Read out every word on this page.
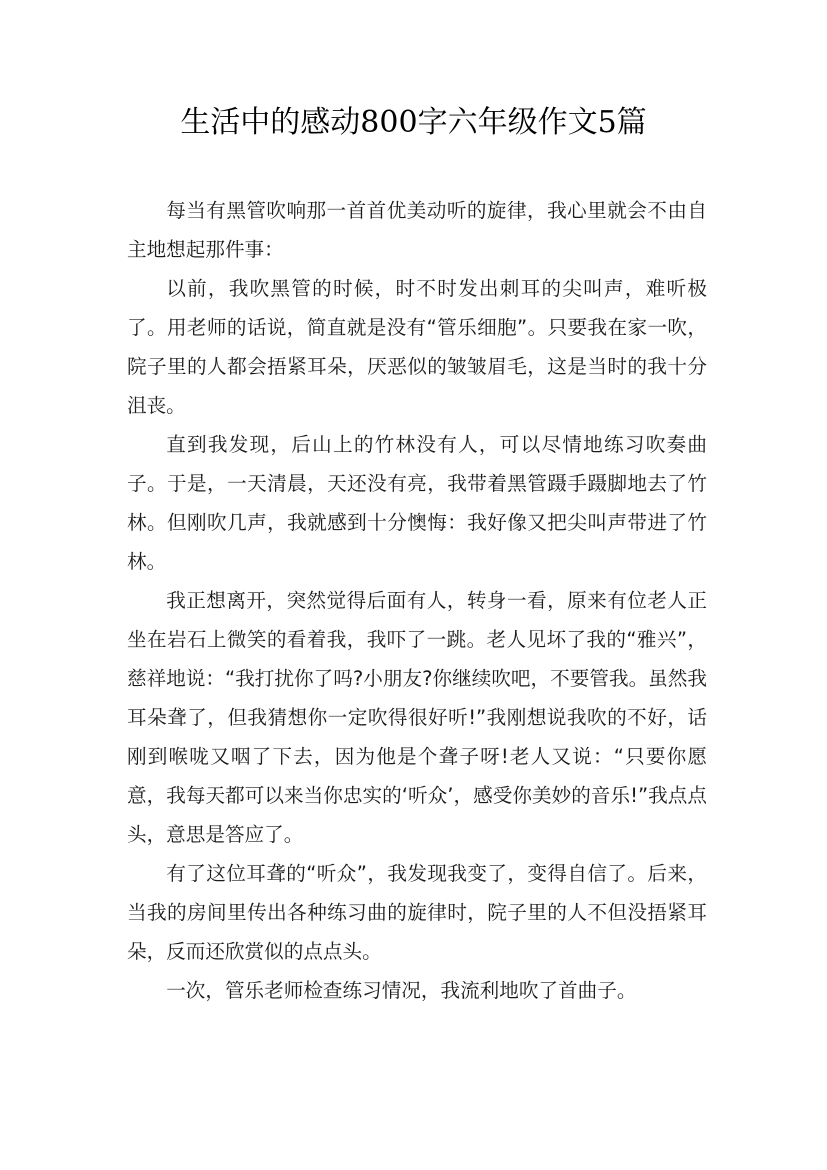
生活中的感动800字六年级作文5篇

每当有黑管吹响那一首首优美动听的旋律，我心里就会不由自主地想起那件事：

以前，我吹黑管的时候，时不时发出刺耳的尖叫声，难听极了。用老师的话说，简直就是没有“管乐细胞”。只要我在家一吹，院子里的人都会捂紧耳朵，厌恶似的皱皱眉毛，这是当时的我十分沮丧。

直到我发现，后山上的竹林没有人，可以尽情地练习吹奏曲子。于是，一天清晨，天还没有亮，我带着黑管蹑手蹑脚地去了竹林。但刚吹几声，我就感到十分懊悔：我好像又把尖叫声带进了竹林。

我正想离开，突然觉得后面有人，转身一看，原来有位老人正坐在岩石上微笑的看着我，我吓了一跳。老人见坏了我的“雅兴”，慈祥地说：“我打扰你了吗?小朋友?你继续吹吧，不要管我。虽然我耳朵聋了，但我猜想你一定吹得很好听!”我刚想说我吹的不好，话刚到喉咙又咽了下去，因为他是个聋子呀!老人又说：“只要你愿意，我每天都可以来当你忠实的‘听众’，感受你美妙的音乐!”我点点头，意思是答应了。

有了这位耳聋的“听众”，我发现我变了，变得自信了。后来，当我的房间里传出各种练习曲的旋律时，院子里的人不但没捂紧耳朵，反而还欣赏似的点点头。

一次，管乐老师检查练习情况，我流利地吹了首曲子。
